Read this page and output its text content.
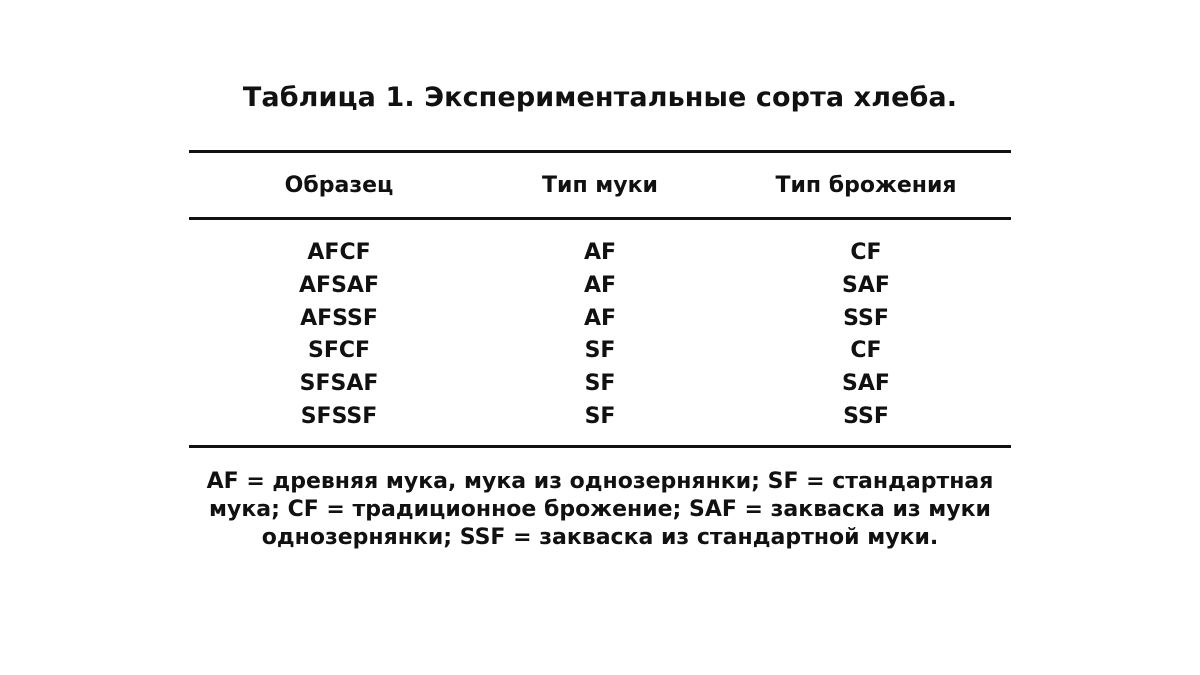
Таблица 1. Экспериментальные сорта хлеба.
Образец	Тип муки	Тип брожения
AFCF	AF	CF
AFSAF	AF	SAF
AFSSF	AF	SSF
SFCF	SF	CF
SFSAF	SF	SAF
SFSSF	SF	SSF
AF = древняя мука, мука из однозернянки; SF = стандартная
мука; CF = традиционное брожение; SAF = закваска из муки
однозернянки; SSF = закваска из стандартной муки.
